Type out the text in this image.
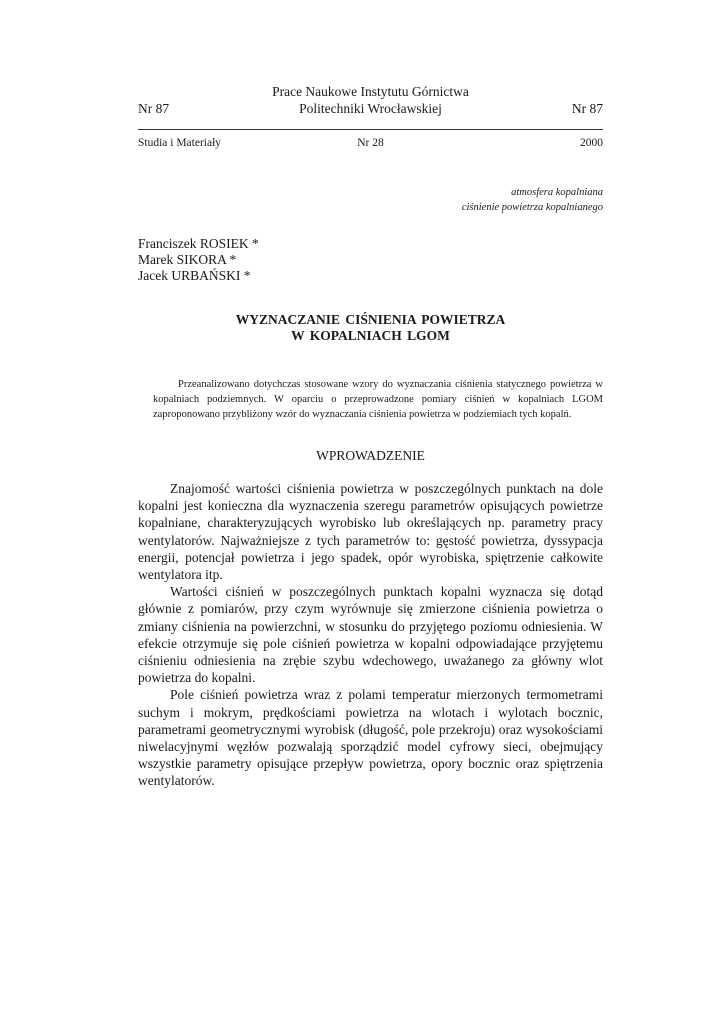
Prace Naukowe Instytutu Górnictwa
Politechniki Wrocławskiej
Nr 87	Nr 87
Studia i Materiały	Nr 28	2000
atmosfera kopalniana
ciśnienie powietrza kopalnianego
Franciszek ROSIEK *
Marek SIKORA *
Jacek URBAŃSKI *
WYZNACZANIE CIŚNIENIA POWIETRZA
W KOPALNIACH LGOM
Przeanalizowano dotychczas stosowane wzory do wyznaczania ciśnienia statycznego powietrza w kopalniach podziemnych. W oparciu o przeprowadzone pomiary ciśnień w kopalniach LGOM zaproponowano przybliżony wzór do wyznaczania ciśnienia powietrza w podziemiach tych kopalń.
WPROWADZENIE

Znajomość wartości ciśnienia powietrza w poszczególnych punktach na dole kopalni jest konieczna dla wyznaczenia szeregu parametrów opisujących powietrze kopalniane, charakteryzujących wyrobisko lub określających np. parametry pracy wentylatorów. Najważniejsze z tych parametrów to: gęstość powietrza, dyssypacja energii, potencjał powietrza i jego spadek, opór wyrobiska, spiętrzenie całkowite wentylatora itp.

Wartości ciśnień w poszczególnych punktach kopalni wyznacza się dotąd głównie z pomiarów, przy czym wyrównuje się zmierzone ciśnienia powietrza o zmiany ciśnienia na powierzchni, w stosunku do przyjętego poziomu odniesienia. W efekcie otrzymuje się pole ciśnień powietrza w kopalni odpowiadające przyjętemu ciśnieniu odniesienia na zrębie szybu wdechowego, uważanego za główny wlot powietrza do kopalni.

Pole ciśnień powietrza wraz z polami temperatur mierzonych termometrami suchym i mokrym, prędkościami powietrza na wlotach i wylotach bocznic, parametrami geometrycznymi wyrobisk (długość, pole przekroju) oraz wysokościami niwelacyjnymi węzłów pozwalają sporządzić model cyfrowy sieci, obejmujący wszystkie parametry opisujące przepływ powietrza, opory bocznic oraz spiętrzenia wentylatorów.
